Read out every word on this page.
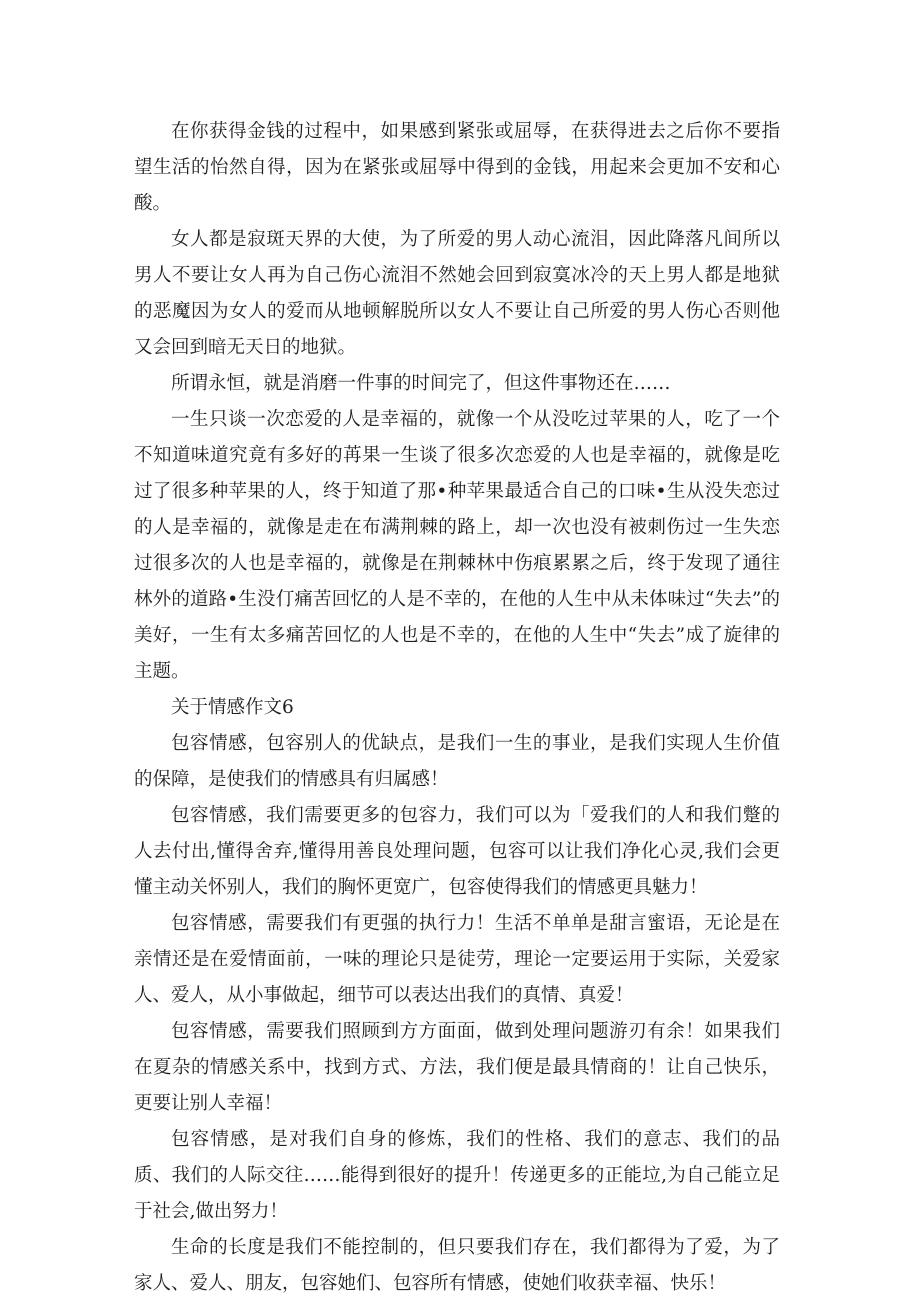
在你获得金钱的过程中，如果感到紧张或屈辱，在获得进去之后你不要指望生活的怡然自得，因为在紧张或屈辱中得到的金钱，用起来会更加不安和心酸。

女人都是寂斑天界的大使，为了所爱的男人动心流泪，因此降落凡间所以男人不要让女人再为自己伤心流泪不然她会回到寂寞冰冷的天上男人都是地狱的恶魔因为女人的爱而从地顿解脱所以女人不要让自己所爱的男人伤心否则他又会回到暗无天日的地狱。

所谓永恒，就是消磨一件事的时间完了，但这件事物还在……

一生只谈一次恋爱的人是幸福的，就像一个从没吃过苹果的人，吃了一个不知道味道究竟有多好的苒果一生谈了很多次恋爱的人也是幸福的，就像是吃过了很多种苹果的人，终于知道了那•种苹果最适合自己的口味•生从没失恋过的人是幸福的，就像是走在布满荆棘的路上，却一次也没有被刺伤过一生失恋过很多次的人也是幸福的，就像是在荆棘林中伤痕累累之后，终于发现了通往林外的道路•生没仃痛苦回忆的人是不幸的，在他的人生中从未体味过“失去”的美好，一生有太多痛苦回忆的人也是不幸的，在他的人生中“失去”成了旋律的主题。

关于情感作文6

包容情感，包容别人的优缺点，是我们一生的事业，是我们实现人生价值的保障，是使我们的情感具有归属感！

包容情感，我们需要更多的包容力，我们可以为「爱我们的人和我们蹩的人去付出,懂得舍弃,懂得用善良处理问题，包容可以让我们净化心灵,我们会更懂主动关怀别人，我们的胸怀更宽广，包容使得我们的情感更具魅力！

包容情感，需要我们有更强的执行力！生活不单单是甜言蜜语，无论是在亲情还是在爱情面前，一味的理论只是徒劳，理论一定要运用于实际，关爱家人、爱人，从小事做起，细节可以表达出我们的真情、真爱！

包容情感，需要我们照顾到方方面面，做到处理问题游刃有余！如果我们在夏杂的情感关系中，找到方式、方法，我们便是最具情商的！让自己快乐，更要让别人幸福！

包容情感，是对我们自身的修炼，我们的性格、我们的意志、我们的品质、我们的人际交往……能得到很好的提升！传递更多的正能垃,为自己能立足于社会,做出努力！

生命的长度是我们不能控制的，但只要我们存在，我们都得为了爱，为了家人、爱人、朋友，包容她们、包容所有情感，使她们收获幸福、快乐！
